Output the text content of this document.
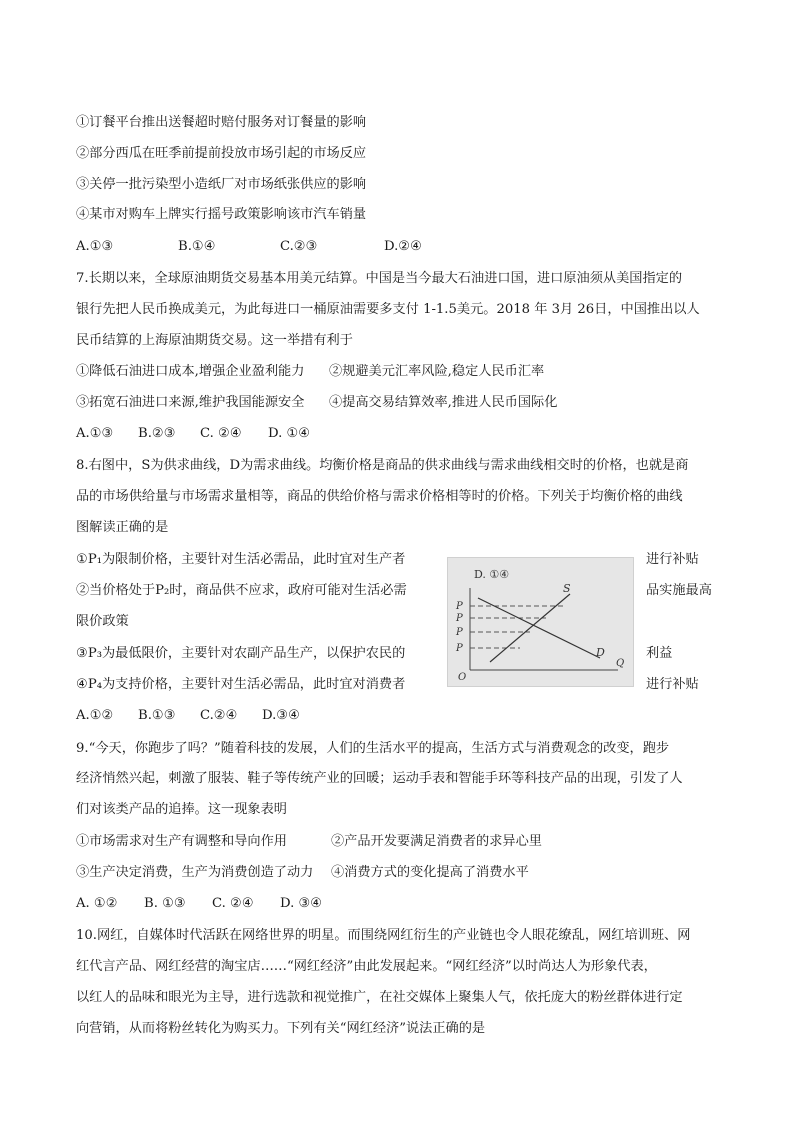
①订餐平台推出送餐超时赔付服务对订餐量的影响
②部分西瓜在旺季前提前投放市场引起的市场反应
③关停一批污染型小造纸厂对市场纸张供应的影响
④某市对购车上牌实行摇号政策影响该市汽车销量
A.①③	B.①④	C.②③	D.②④
7.长期以来，全球原油期货交易基本用美元结算。中国是当今最大石油进口国，进口原油须从美国指定的
银行先把人民币换成美元，为此每进口一桶原油需要多支付 1-1.5美元。2018 年 3月 26日，中国推出以人
民币结算的上海原油期货交易。这一举措有利于
①降低石油进口成本,增强企业盈利能力 ②规避美元汇率风险,稳定人民币汇率
③拓宽石油进口来源,维护我国能源安全 ④提高交易结算效率,推进人民币国际化
A.①③ B.②③ C. ②④ D. ①④
8.右图中，S为供求曲线，D为需求曲线。均衡价格是商品的供求曲线与需求曲线相交时的价格，也就是商
品的市场供给量与市场需求量相等，商品的供给价格与需求价格相等时的价格。下列关于均衡价格的曲线
图解读正确的是
①P₁为限制价格，主要针对生活必需品，此时宜对生产者	进行补贴
②当价格处于P₂时，商品供不应求，政府可能对生活必需	品实施最高
限价政策
③P₃为最低限价，主要针对农副产品生产，以保护农民的	利益
④P₄为支持价格，主要针对生活必需品，此时宜对消费者	进行补贴
D. ①④
P
P
P
P
S
D
O
Q
A.①② B.①③ C.②④ D.③④
9.“今天，你跑步了吗？”随着科技的发展，人们的生活水平的提高，生活方式与消费观念的改变，跑步
经济悄然兴起，刺激了服装、鞋子等传统产业的回暖；运动手表和智能手环等科技产品的出现，引发了人
们对该类产品的追捧。这一现象表明
①市场需求对生产有调整和导向作用	②产品开发要满足消费者的求异心里
③生产决定消费，生产为消费创造了动力 ④消费方式的变化提高了消费水平
A. ①② B. ①③ C. ②④ D. ③④
10.网红，自媒体时代活跃在网络世界的明星。而围绕网红衍生的产业链也令人眼花缭乱，网红培训班、网
红代言产品、网红经营的淘宝店……“网红经济”由此发展起来。“网红经济”以时尚达人为形象代表，
以红人的品味和眼光为主导，进行选款和视觉推广，在社交媒体上聚集人气，依托庞大的粉丝群体进行定
向营销，从而将粉丝转化为购买力。下列有关“网红经济”说法正确的是
